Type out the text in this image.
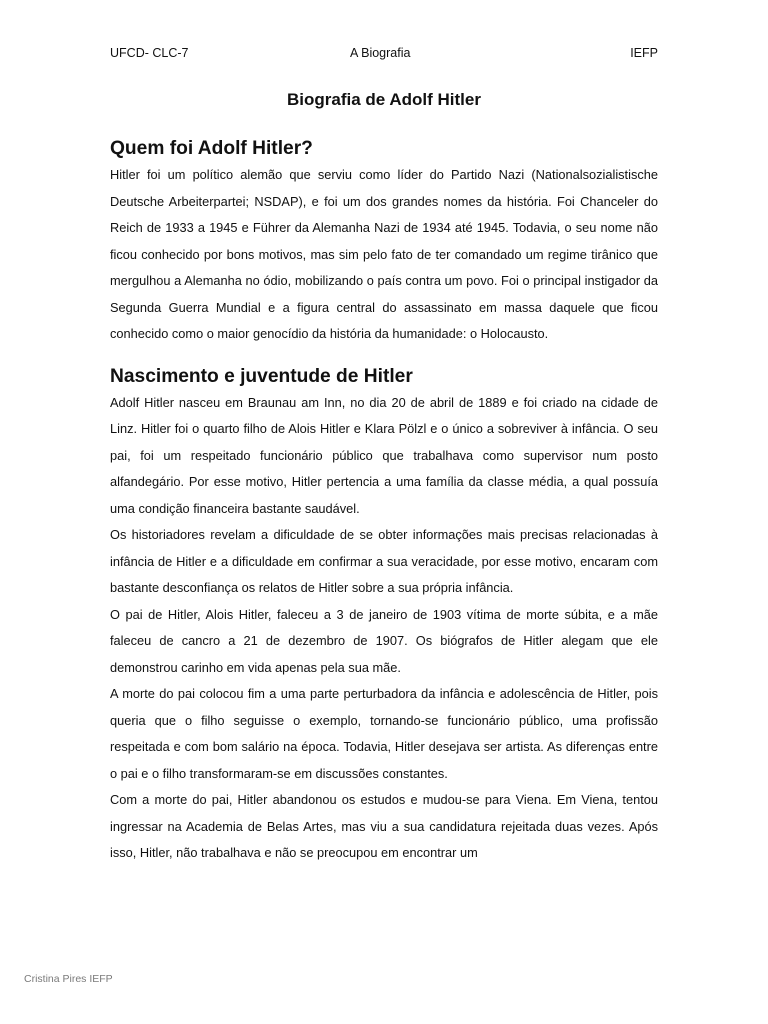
UFCD- CLC-7	A Biografia	IEFP
Biografia de Adolf Hitler
Quem foi Adolf Hitler?

Hitler foi um político alemão que serviu como líder do Partido Nazi (Nationalsozialistische Deutsche Arbeiterpartei; NSDAP), e foi um dos grandes nomes da história. Foi Chanceler do Reich de 1933 a 1945 e Führer da Alemanha Nazi de 1934 até 1945. Todavia, o seu nome não ficou conhecido por bons motivos, mas sim pelo fato de ter comandado um regime tirânico que mergulhou a Alemanha no ódio, mobilizando o país contra um povo. Foi o principal instigador da Segunda Guerra Mundial e a figura central do assassinato em massa daquele que ficou conhecido como o maior genocídio da história da humanidade: o Holocausto.

Nascimento e juventude de Hitler

Adolf Hitler nasceu em Braunau am Inn, no dia 20 de abril de 1889 e foi criado na cidade de Linz. Hitler foi o quarto filho de Alois Hitler e Klara Pölzl e o único a sobreviver à infância. O seu pai, foi um respeitado funcionário público que trabalhava como supervisor num posto alfandegário. Por esse motivo, Hitler pertencia a uma família da classe média, a qual possuía uma condição financeira bastante saudável.

Os historiadores revelam a dificuldade de se obter informações mais precisas relacionadas à infância de Hitler e a dificuldade em confirmar a sua veracidade, por esse motivo, encaram com bastante desconfiança os relatos de Hitler sobre a sua própria infância.

O pai de Hitler, Alois Hitler, faleceu a 3 de janeiro de 1903 vítima de morte súbita, e a mãe faleceu de cancro a 21 de dezembro de 1907. Os biógrafos de Hitler alegam que ele demonstrou carinho em vida apenas pela sua mãe.

A morte do pai colocou fim a uma parte perturbadora da infância e adolescência de Hitler, pois queria que o filho seguisse o exemplo, tornando-se funcionário público, uma profissão respeitada e com bom salário na época. Todavia, Hitler desejava ser artista. As diferenças entre o pai e o filho transformaram-se em discussões constantes.

Com a morte do pai, Hitler abandonou os estudos e mudou-se para Viena. Em Viena, tentou ingressar na Academia de Belas Artes, mas viu a sua candidatura rejeitada duas vezes. Após isso, Hitler, não trabalhava e não se preocupou em encontrar um

Cristina Pires IEFP
